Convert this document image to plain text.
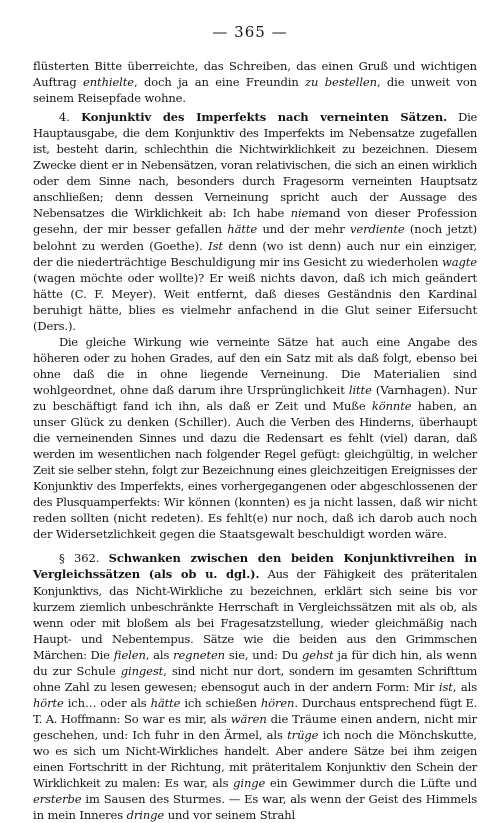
— 365 —

flüsterten Bitte überreichte, das Schreiben, das einen Gruß und wichtigen Auftrag enthielte, doch ja an eine Freundin zu bestellen, die unweit von seinem Reisepfade wohne.

4. Konjunktiv des Imperfekts nach verneinten Sätzen. Die Hauptausgabe, die dem Konjunktiv des Imperfekts im Nebensatze zugefallen ist, besteht darin, schlechthin die Nichtwirklichkeit zu bezeichnen. Diesem Zwecke dient er in Nebensätzen, voran relativischen, die sich an einen wirklich oder dem Sinne nach, besonders durch Fragesorm verneinten Hauptsatz anschließen; denn dessen Verneinung spricht auch der Aussage des Nebensatzes die Wirklichkeit ab: Ich habe niemand von dieser Profession gesehn, der mir besser gefallen hätte und der mehr verdiente (noch jetzt) belohnt zu werden (Goethe). Ist denn (wo ist denn) auch nur ein einziger, der die niederträchtige Beschuldigung mir ins Gesicht zu wiederholen wagte (wagen möchte oder wollte)? Er weiß nichts davon, daß ich mich geändert hätte (C. F. Meyer). Weit entfernt, daß dieses Geständnis den Kardinal beruhigt hätte, blies es vielmehr anfachend in die Glut seiner Eifersucht (Ders.).

Die gleiche Wirkung wie verneinte Sätze hat auch eine Angabe des höheren oder zu hohen Grades, auf den ein Satz mit als daß folgt, ebenso bei ohne daß die in ohne liegende Verneinung. Die Materialien sind wohlgeordnet, ohne daß darum ihre Ursprünglichkeit litte (Varnhagen). Nur zu beschäftigt fand ich ihn, als daß er Zeit und Muße könnte haben, an unser Glück zu denken (Schiller). Auch die Verben des Hinderns, überhaupt die verneinenden Sinnes und dazu die Redensart es fehlt (viel) daran, daß werden im wesentlichen nach folgender Regel gefügt: gleichgültig, in welcher Zeit sie selber stehn, folgt zur Bezeichnung eines gleichzeitigen Ereignisses der Konjunktiv des Imperfekts, eines vorhergegangenen oder abgeschlossenen der des Plusquamperfekts: Wir können (konnten) es ja nicht lassen, daß wir nicht reden sollten (nicht redeten). Es fehlt(e) nur noch, daß ich darob auch noch der Widersetzlichkeit gegen die Staatsgewalt beschuldigt worden wäre.

§ 362. Schwanken zwischen den beiden Konjunktivreihen in Vergleichssätzen (als ob u. dgl.). Aus der Fähigkeit des präteritalen Konjunktivs, das Nicht-Wirkliche zu bezeichnen, erklärt sich seine bis vor kurzem ziemlich unbeschränkte Herrschaft in Vergleichssätzen mit als ob, als wenn oder mit bloßem als bei Fragesatzstellung, wieder gleichmäßig nach Haupt- und Nebentempus. Sätze wie die beiden aus den Grimmschen Märchen: Die fielen, als regneten sie, und: Du gehst ja für dich hin, als wenn du zur Schule gingest, sind nicht nur dort, sondern im gesamten Schrifttum ohne Zahl zu lesen gewesen; ebensogut auch in der andern Form: Mir ist, als hörte ich… oder als hätte ich schießen hören. Durchaus entsprechend fügt E. T. A. Hoffmann: So war es mir, als wären die Träume einen andern, nicht mir geschehen, und: Ich fuhr in den Ärmel, als trüge ich noch die Mönchskutte, wo es sich um Nicht-Wirkliches handelt. Aber andere Sätze bei ihm zeigen einen Fortschritt in der Richtung, mit präteritalem Konjunktiv den Schein der Wirklichkeit zu malen: Es war, als ginge ein Gewimmer durch die Lüfte und ersterbe im Sausen des Sturmes. — Es war, als wenn der Geist des Himmels in mein Inneres dringe und vor seinem Strahl
